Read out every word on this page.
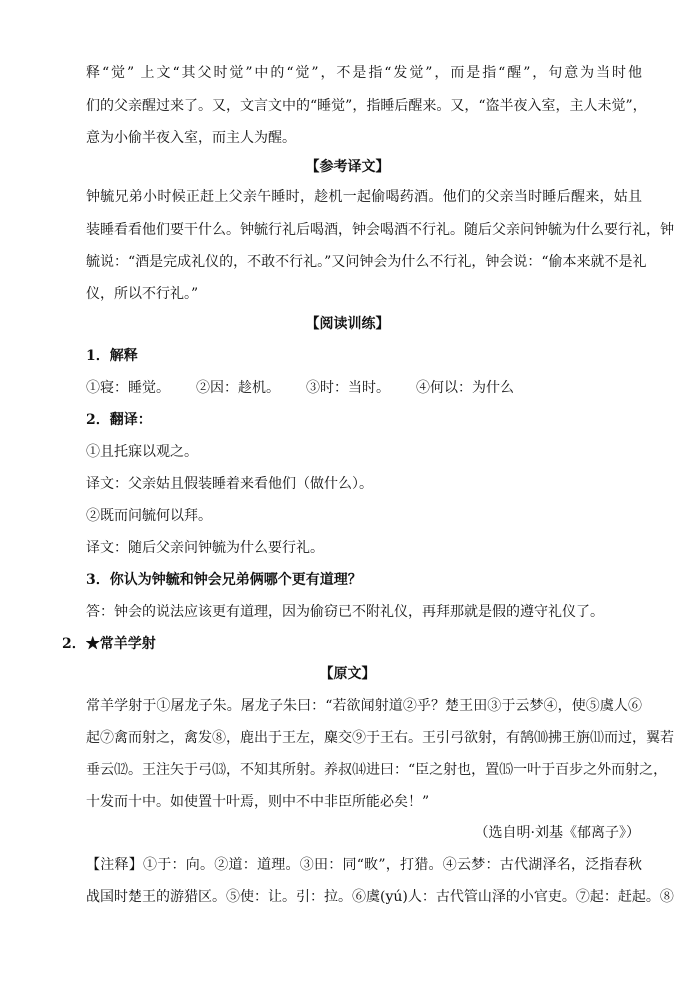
释“觉” 上文“其父时觉”中的“觉”，不是指“发觉”，而是指“醒”，句意为当时他
们的父亲醒过来了。又，文言文中的“睡觉”，指睡后醒来。又，“盗半夜入室，主人未觉”，
意为小偷半夜入室，而主人为醒。
【参考译文】
钟毓兄弟小时候正赶上父亲午睡时，趁机一起偷喝药酒。他们的父亲当时睡后醒来，姑且
装睡看看他们要干什么。钟毓行礼后喝酒，钟会喝酒不行礼。随后父亲问钟毓为什么要行礼，钟
毓说：“酒是完成礼仪的，不敢不行礼。”又问钟会为什么不行礼，钟会说：“偷本来就不是礼
仪，所以不行礼。”
【阅读训练】
1．解释
①寝：睡觉。 ②因：趁机。 ③时：当时。 ④何以：为什么
2．翻译：
①且托寐以观之。
译文：父亲姑且假装睡着来看他们（做什么）。
②既而问毓何以拜。
译文：随后父亲问钟毓为什么要行礼。
3．你认为钟毓和钟会兄弟俩哪个更有道理？
答：钟会的说法应该更有道理，因为偷窃已不附礼仪，再拜那就是假的遵守礼仪了。
2．★常羊学射
【原文】
常羊学射于①屠龙子朱。屠龙子朱曰：“若欲闻射道②乎？楚王田③于云梦④，使⑤虞人⑥
起⑦禽而射之，禽发⑧，鹿出于王左，麋交⑨于王右。王引弓欲射，有鹄⑽拂王旃⑾而过，翼若
垂云⑿。王注矢于弓⒀，不知其所射。养叔⒁进曰：“臣之射也，置⒂一叶于百步之外而射之，
十发而十中。如使置十叶焉，则中不中非臣所能必矣！”
（选自明·刘基《郁离子》）
【注释】①于：向。②道：道理。③田：同“畋”，打猎。④云梦：古代湖泽名，泛指春秋
战国时楚王的游猎区。⑤使：让。引：拉。⑥虞(yú)人：古代管山泽的小官吏。⑦起：赶起。⑧
